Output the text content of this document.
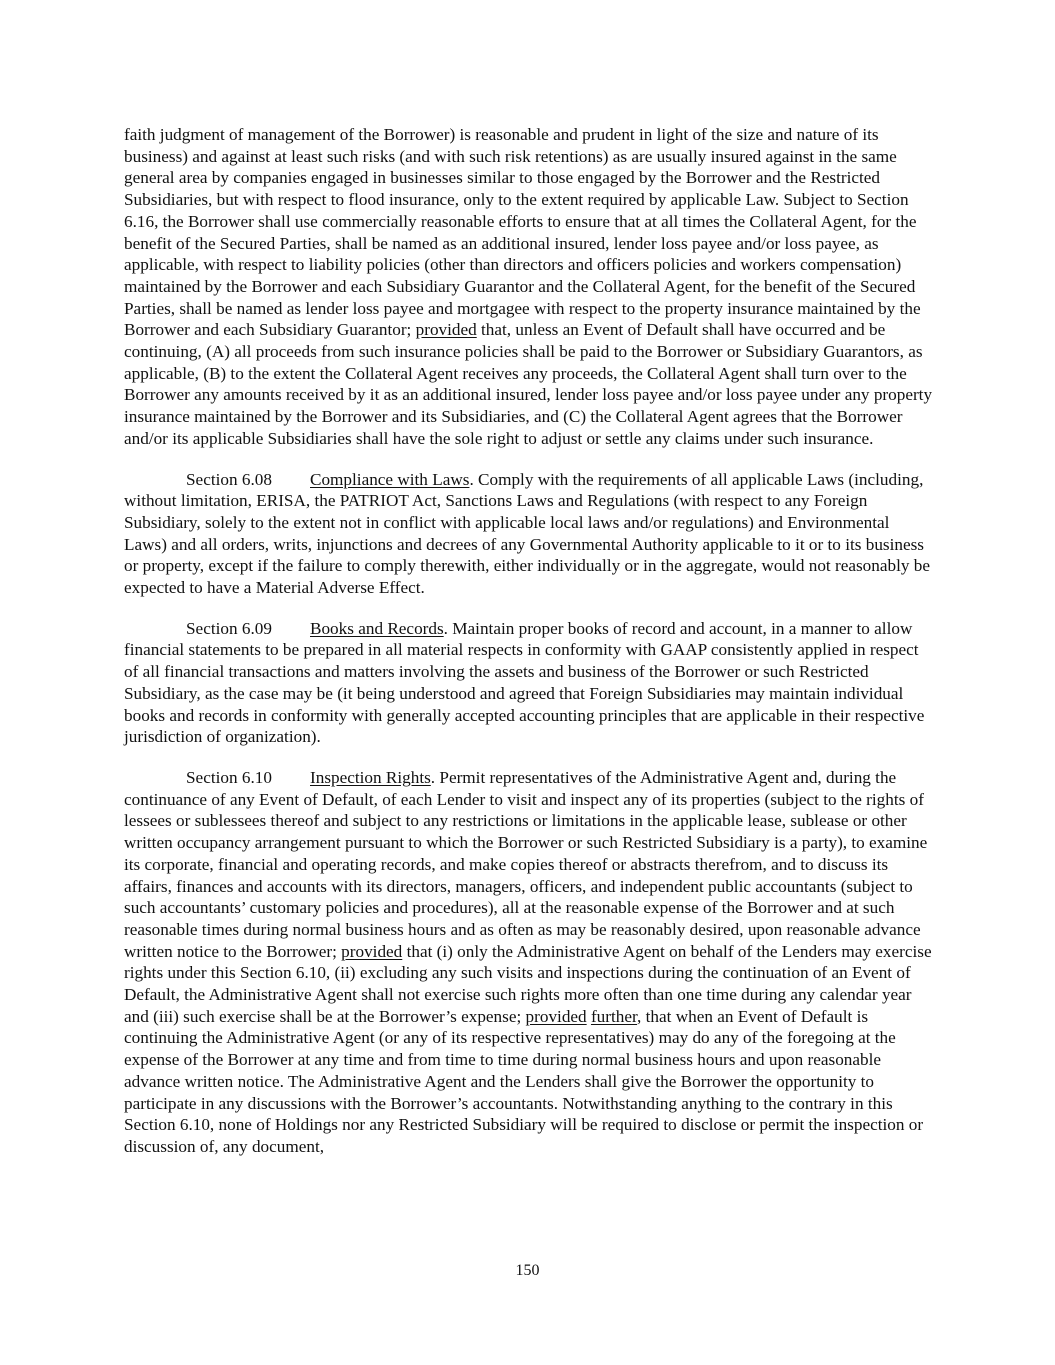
faith judgment of management of the Borrower) is reasonable and prudent in light of the size and nature of its business) and against at least such risks (and with such risk retentions) as are usually insured against in the same general area by companies engaged in businesses similar to those engaged by the Borrower and the Restricted Subsidiaries, but with respect to flood insurance, only to the extent required by applicable Law. Subject to Section 6.16, the Borrower shall use commercially reasonable efforts to ensure that at all times the Collateral Agent, for the benefit of the Secured Parties, shall be named as an additional insured, lender loss payee and/or loss payee, as applicable, with respect to liability policies (other than directors and officers policies and workers compensation) maintained by the Borrower and each Subsidiary Guarantor and the Collateral Agent, for the benefit of the Secured Parties, shall be named as lender loss payee and mortgagee with respect to the property insurance maintained by the Borrower and each Subsidiary Guarantor; provided that, unless an Event of Default shall have occurred and be continuing, (A) all proceeds from such insurance policies shall be paid to the Borrower or Subsidiary Guarantors, as applicable, (B) to the extent the Collateral Agent receives any proceeds, the Collateral Agent shall turn over to the Borrower any amounts received by it as an additional insured, lender loss payee and/or loss payee under any property insurance maintained by the Borrower and its Subsidiaries, and (C) the Collateral Agent agrees that the Borrower and/or its applicable Subsidiaries shall have the sole right to adjust or settle any claims under such insurance.

Section 6.08 Compliance with Laws. Comply with the requirements of all applicable Laws (including, without limitation, ERISA, the PATRIOT Act, Sanctions Laws and Regulations (with respect to any Foreign Subsidiary, solely to the extent not in conflict with applicable local laws and/or regulations) and Environmental Laws) and all orders, writs, injunctions and decrees of any Governmental Authority applicable to it or to its business or property, except if the failure to comply therewith, either individually or in the aggregate, would not reasonably be expected to have a Material Adverse Effect.

Section 6.09 Books and Records. Maintain proper books of record and account, in a manner to allow financial statements to be prepared in all material respects in conformity with GAAP consistently applied in respect of all financial transactions and matters involving the assets and business of the Borrower or such Restricted Subsidiary, as the case may be (it being understood and agreed that Foreign Subsidiaries may maintain individual books and records in conformity with generally accepted accounting principles that are applicable in their respective jurisdiction of organization).

Section 6.10 Inspection Rights. Permit representatives of the Administrative Agent and, during the continuance of any Event of Default, of each Lender to visit and inspect any of its properties (subject to the rights of lessees or sublessees thereof and subject to any restrictions or limitations in the applicable lease, sublease or other written occupancy arrangement pursuant to which the Borrower or such Restricted Subsidiary is a party), to examine its corporate, financial and operating records, and make copies thereof or abstracts therefrom, and to discuss its affairs, finances and accounts with its directors, managers, officers, and independent public accountants (subject to such accountants’ customary policies and procedures), all at the reasonable expense of the Borrower and at such reasonable times during normal business hours and as often as may be reasonably desired, upon reasonable advance written notice to the Borrower; provided that (i) only the Administrative Agent on behalf of the Lenders may exercise rights under this Section 6.10, (ii) excluding any such visits and inspections during the continuation of an Event of Default, the Administrative Agent shall not exercise such rights more often than one time during any calendar year and (iii) such exercise shall be at the Borrower’s expense; provided further, that when an Event of Default is continuing the Administrative Agent (or any of its respective representatives) may do any of the foregoing at the expense of the Borrower at any time and from time to time during normal business hours and upon reasonable advance written notice. The Administrative Agent and the Lenders shall give the Borrower the opportunity to participate in any discussions with the Borrower’s accountants. Notwithstanding anything to the contrary in this Section 6.10, none of Holdings nor any Restricted Subsidiary will be required to disclose or permit the inspection or discussion of, any document,

150
